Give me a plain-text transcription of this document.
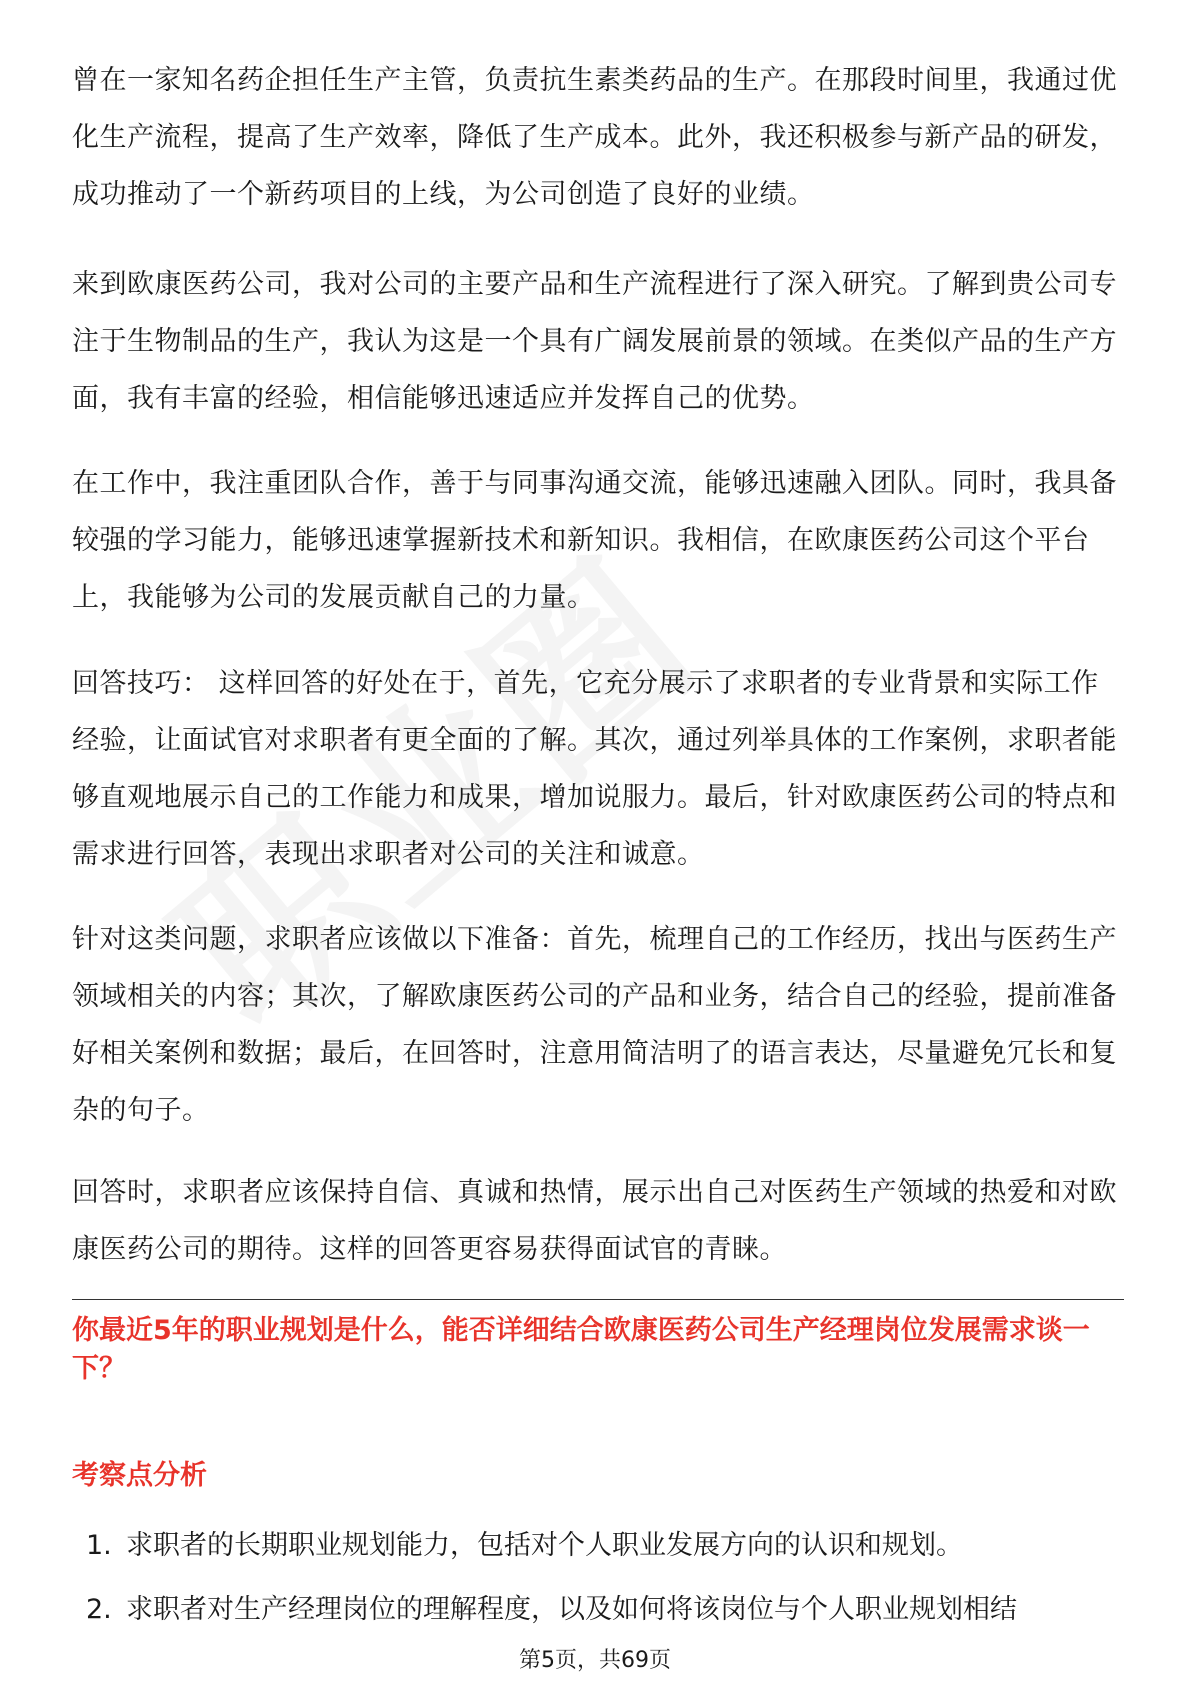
曾在一家知名药企担任生产主管，负责抗生素类药品的生产。在那段时间里，我通过优化生产流程，提高了生产效率，降低了生产成本。此外，我还积极参与新产品的研发，成功推动了一个新药项目的上线，为公司创造了良好的业绩。

来到欧康医药公司，我对公司的主要产品和生产流程进行了深入研究。了解到贵公司专注于生物制品的生产，我认为这是一个具有广阔发展前景的领域。在类似产品的生产方面，我有丰富的经验，相信能够迅速适应并发挥自己的优势。

在工作中，我注重团队合作，善于与同事沟通交流，能够迅速融入团队。同时，我具备较强的学习能力，能够迅速掌握新技术和新知识。我相信，在欧康医药公司这个平台上，我能够为公司的发展贡献自己的力量。

回答技巧： 这样回答的好处在于，首先，它充分展示了求职者的专业背景和实际工作经验，让面试官对求职者有更全面的了解。其次，通过列举具体的工作案例，求职者能够直观地展示自己的工作能力和成果，增加说服力。最后，针对欧康医药公司的特点和需求进行回答，表现出求职者对公司的关注和诚意。

针对这类问题，求职者应该做以下准备：首先，梳理自己的工作经历，找出与医药生产领域相关的内容；其次，了解欧康医药公司的产品和业务，结合自己的经验，提前准备好相关案例和数据；最后，在回答时，注意用简洁明了的语言表达，尽量避免冗长和复杂的句子。

回答时，求职者应该保持自信、真诚和热情，展示出自己对医药生产领域的热爱和对欧康医药公司的期待。这样的回答更容易获得面试官的青睐。

你最近5年的职业规划是什么，能否详细结合欧康医药公司生产经理岗位发展需求谈一下？
考察点分析
1. 求职者的长期职业规划能力，包括对个人职业发展方向的认识和规划。
2. 求职者对生产经理岗位的理解程度，以及如何将该岗位与个人职业规划相结
第5页，共69页
